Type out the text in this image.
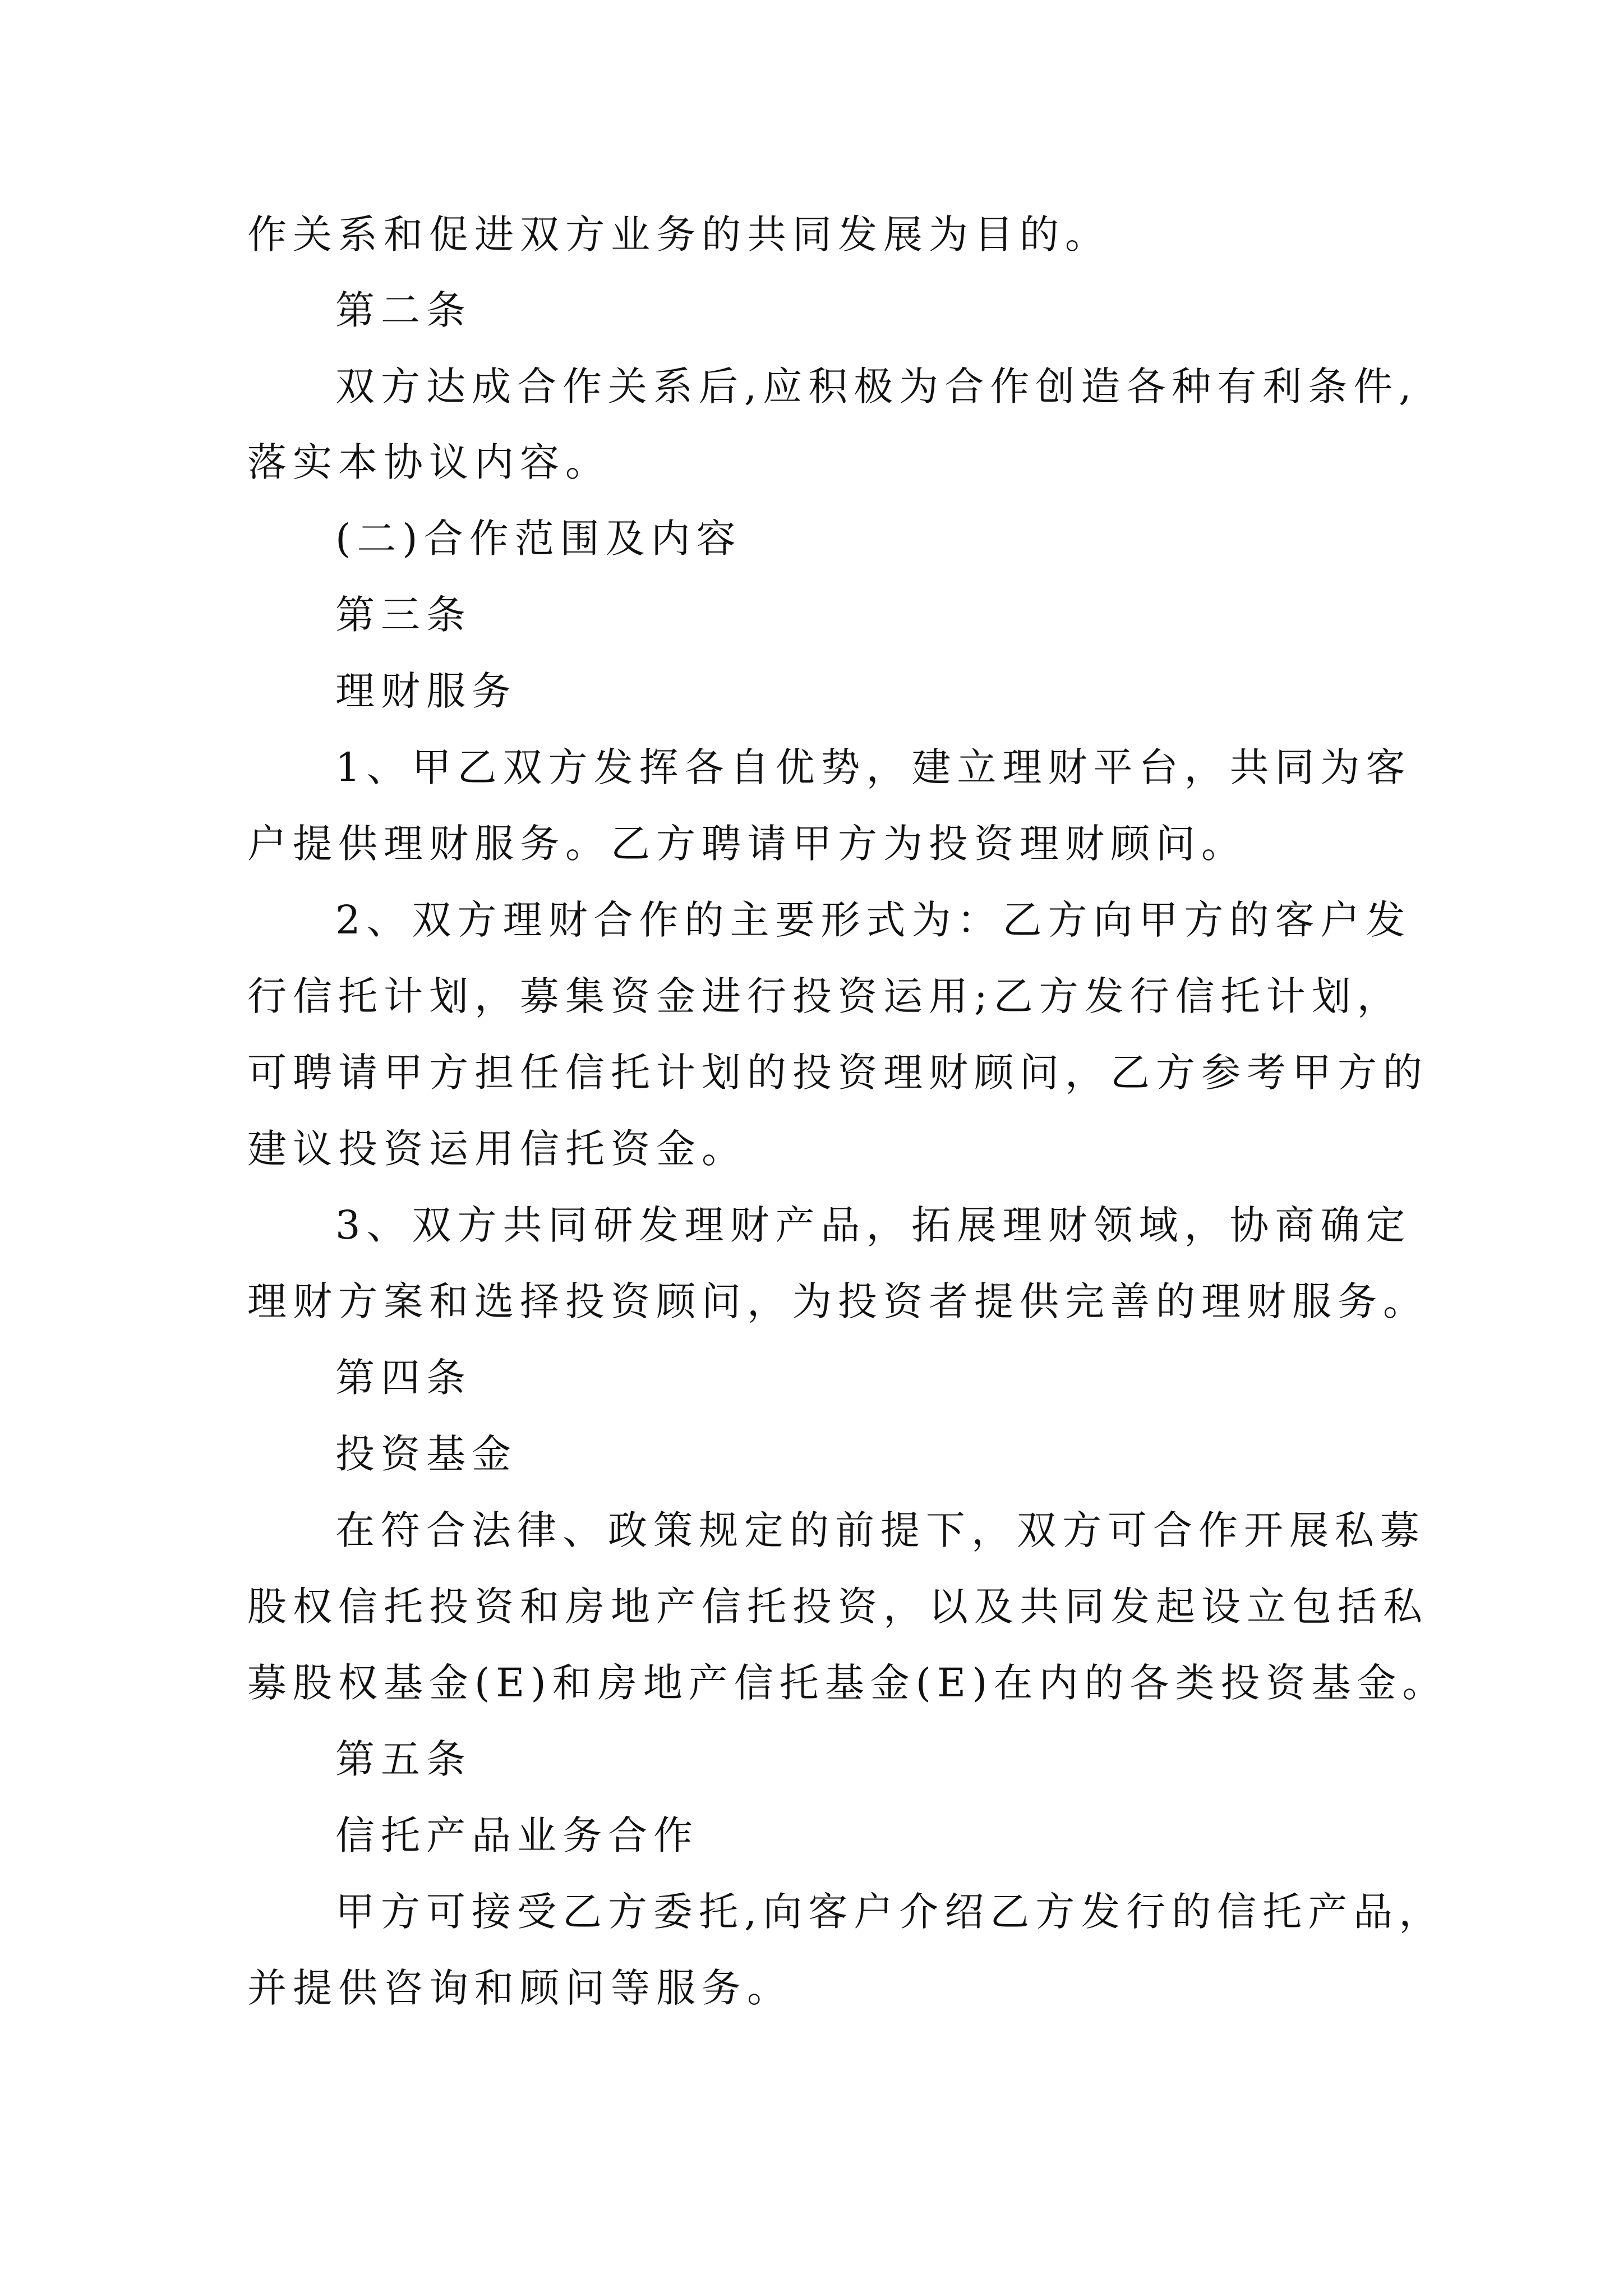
作关系和促进双方业务的共同发展为目的。
第二条
双方达成合作关系后,应积极为合作创造各种有利条件,
落实本协议内容。
(二)合作范围及内容
第三条
理财服务
1、甲乙双方发挥各自优势，建立理财平台，共同为客
户提供理财服务。乙方聘请甲方为投资理财顾问。
2、双方理财合作的主要形式为：乙方向甲方的客户发
行信托计划，募集资金进行投资运用;乙方发行信托计划，
可聘请甲方担任信托计划的投资理财顾问，乙方参考甲方的
建议投资运用信托资金。
3、双方共同研发理财产品，拓展理财领域，协商确定
理财方案和选择投资顾问，为投资者提供完善的理财服务。
第四条
投资基金
在符合法律、政策规定的前提下，双方可合作开展私募
股权信托投资和房地产信托投资，以及共同发起设立包括私
募股权基金(E)和房地产信托基金(E)在内的各类投资基金。
第五条
信托产品业务合作
甲方可接受乙方委托,向客户介绍乙方发行的信托产品，
并提供咨询和顾问等服务。
